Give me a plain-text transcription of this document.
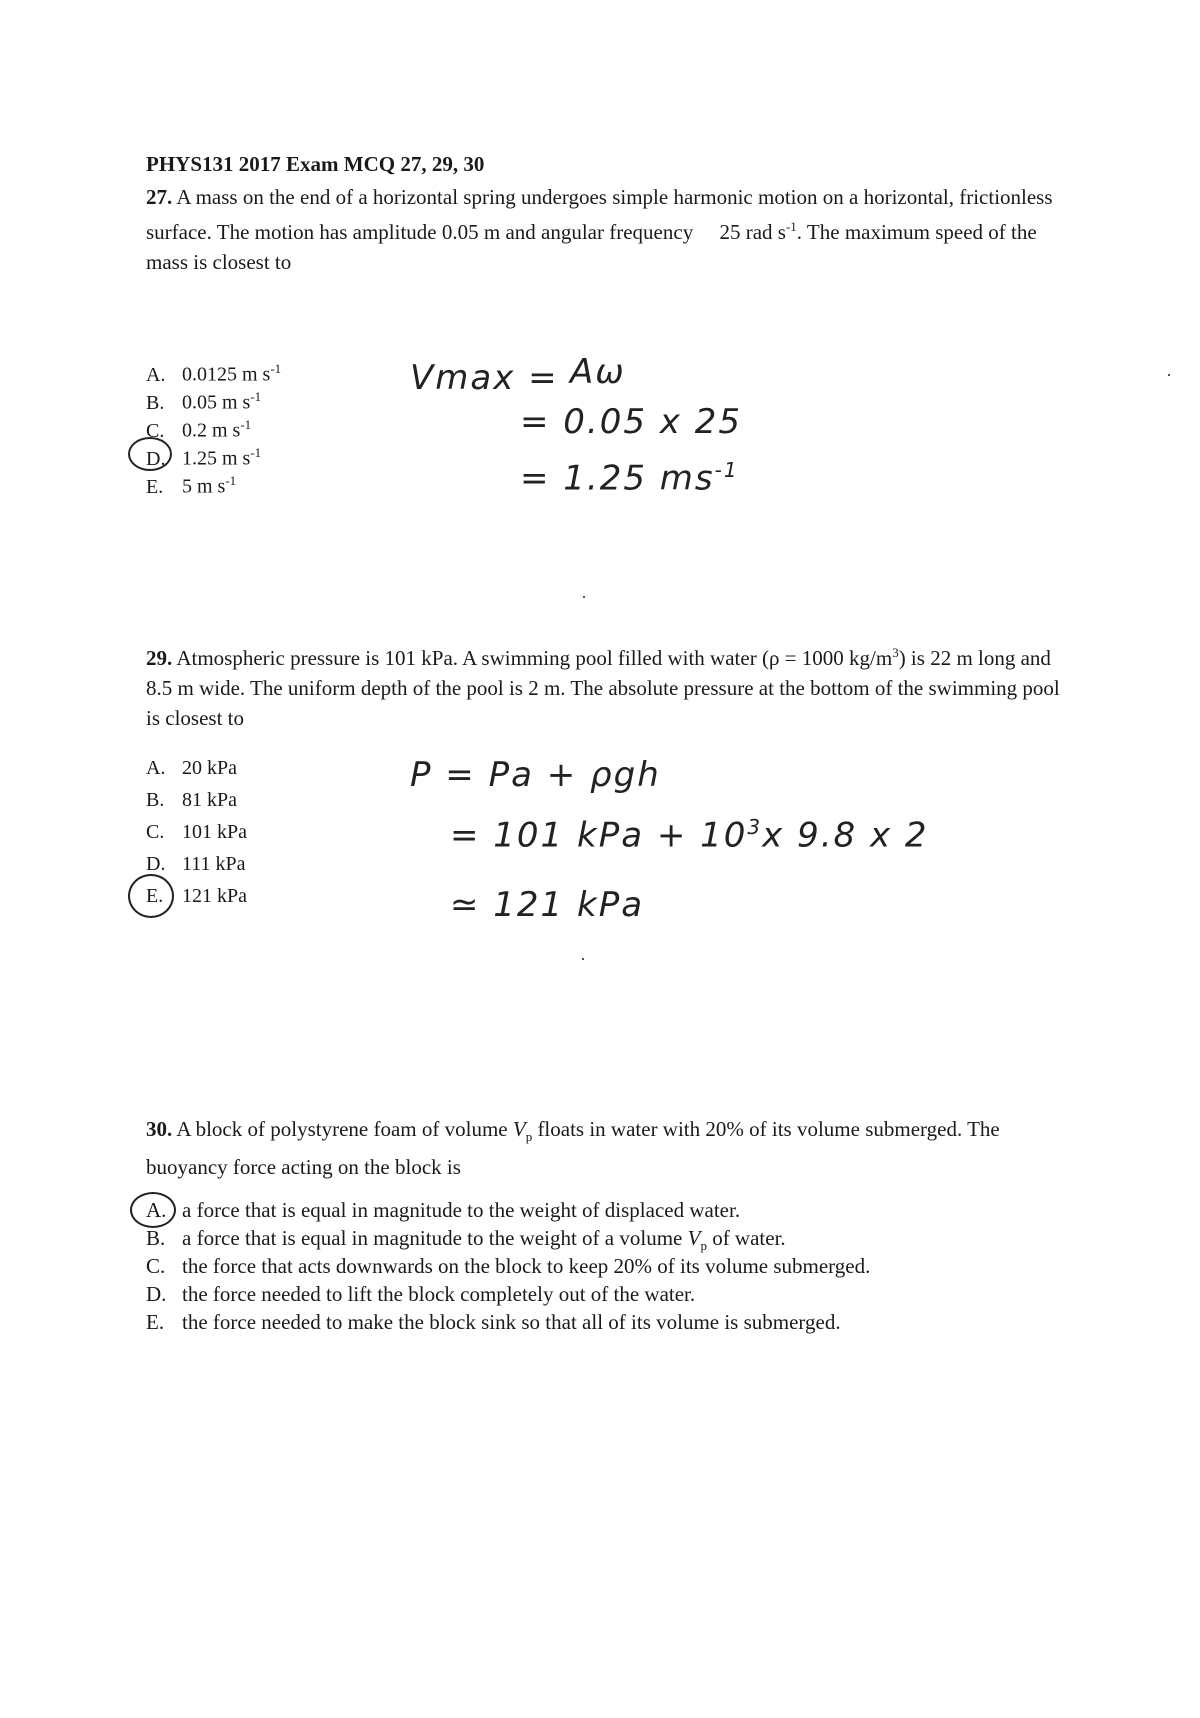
PHYS131 2017 Exam MCQ 27, 29, 30
27. A mass on the end of a horizontal spring undergoes simple harmonic motion on a horizontal, frictionless surface. The motion has amplitude 0.05 m and angular frequency 25 rad $s^{-1}$. The maximum speed of the mass is closest to
A. 0.0125 m $s^{-1}$
B. 0.05 m $s^{-1}$
C. 0.2 m $s^{-1}$
D. 1.25 m $s^{-1}$
E. 5 m $s^{-1}$
Vmax = Aω
= 0.05 x 25
= 1.25 $ms^{-1}$
29. Atmospheric pressure is 101 kPa. A swimming pool filled with water (ρ = 1000 $kg/m^3$) is 22 m long and 8.5 m wide. The uniform depth of the pool is 2 m. The absolute pressure at the bottom of the swimming pool is closest to
A. 20 kPa
B. 81 kPa
C. 101 kPa
D. 111 kPa
E. 121 kPa
P = Pa + ρgh
= 101 kPa + $10^3x$ 9.8 x 2
≃ 121 kPa
30. A block of polystyrene foam of volume $V_p$ floats in water with 20% of its volume submerged. The buoyancy force acting on the block is
A. a force that is equal in magnitude to the weight of displaced water.
B. a force that is equal in magnitude to the weight of a volume $V_p$ of water.
C. the force that acts downwards on the block to keep 20% of its volume submerged.
D. the force needed to lift the block completely out of the water.
E. the force needed to make the block sink so that all of its volume is submerged.
